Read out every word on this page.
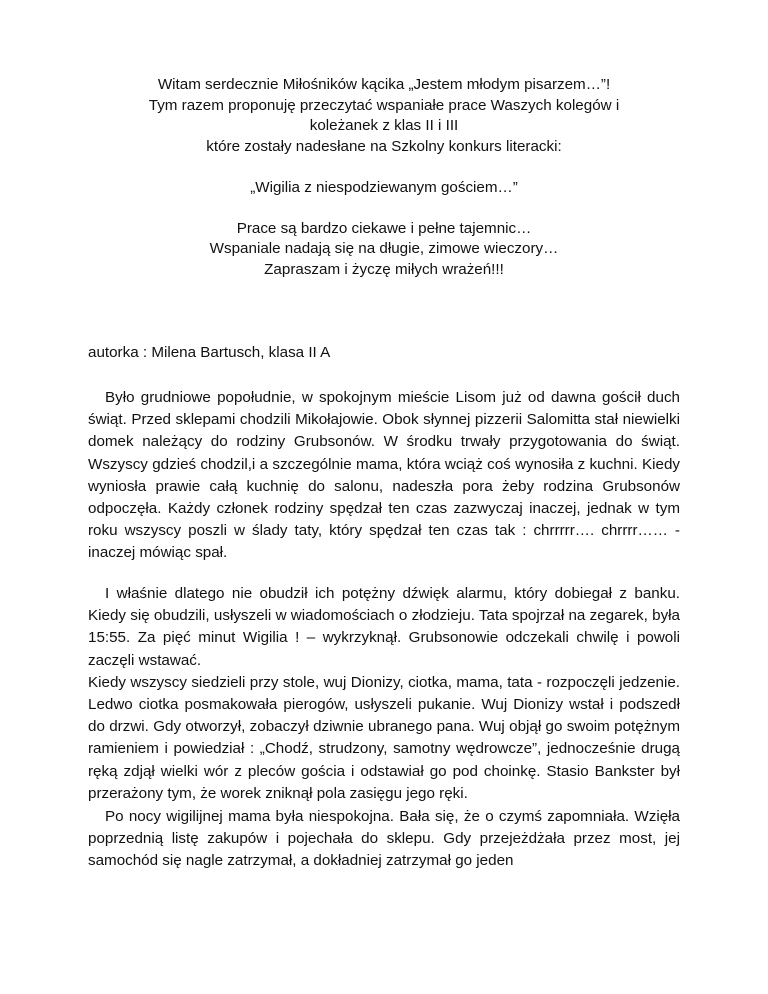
Witam serdecznie Miłośników kącika „Jestem młodym pisarzem…”!
Tym razem proponuję przeczytać wspaniałe prace Waszych kolegów i
koleżanek z klas II i III
które zostały nadesłane na Szkolny konkurs literacki:
„Wigilia z niespodziewanym gościem…”
Prace są bardzo ciekawe i pełne tajemnic…
Wspaniale nadają się na długie, zimowe wieczory…
Zapraszam i życzę miłych wrażeń!!!
autorka : Milena Bartusch, klasa II A

Było grudniowe popołudnie, w spokojnym mieście Lisom już od dawna gościł duch świąt. Przed sklepami chodzili Mikołajowie. Obok słynnej pizzerii Salomitta stał niewielki domek należący do rodziny Grubsonów. W środku trwały przygotowania do świąt. Wszyscy gdzieś chodzil,i a szczególnie mama, która wciąż coś wynosiła z kuchni. Kiedy wyniosła prawie całą kuchnię do salonu, nadeszła pora żeby rodzina Grubsonów odpoczęła. Każdy członek rodziny spędzał ten czas zazwyczaj inaczej, jednak w tym roku wszyscy poszli w ślady taty, który spędzał ten czas tak : chrrrrr…. chrrrr…… - inaczej mówiąc spał.

I właśnie dlatego nie obudził ich potężny dźwięk alarmu, który dobiegał z banku. Kiedy się obudzili, usłyszeli w wiadomościach o złodzieju. Tata spojrzał na zegarek, była 15:55. Za pięć minut Wigilia ! – wykrzyknął. Grubsonowie odczekali chwilę i powoli zaczęli wstawać.
Kiedy wszyscy siedzieli przy stole, wuj Dionizy, ciotka, mama, tata - rozpoczęli jedzenie. Ledwo ciotka posmakowała pierogów, usłyszeli pukanie. Wuj Dionizy wstał i podszedł do drzwi. Gdy otworzył, zobaczył dziwnie ubranego pana. Wuj objął go swoim potężnym ramieniem i powiedział : „Chodź, strudzony, samotny wędrowcze”, jednocześnie drugą ręką zdjął wielki wór z pleców gościa i odstawiał go pod choinkę. Stasio Bankster był przerażony tym, że worek zniknął pola zasięgu jego ręki.

Po nocy wigilijnej mama była niespokojna. Bała się, że o czymś zapomniała. Wzięła poprzednią listę zakupów i pojechała do sklepu. Gdy przejeżdżała przez most, jej samochód się nagle zatrzymał, a dokładniej zatrzymał go jeden
